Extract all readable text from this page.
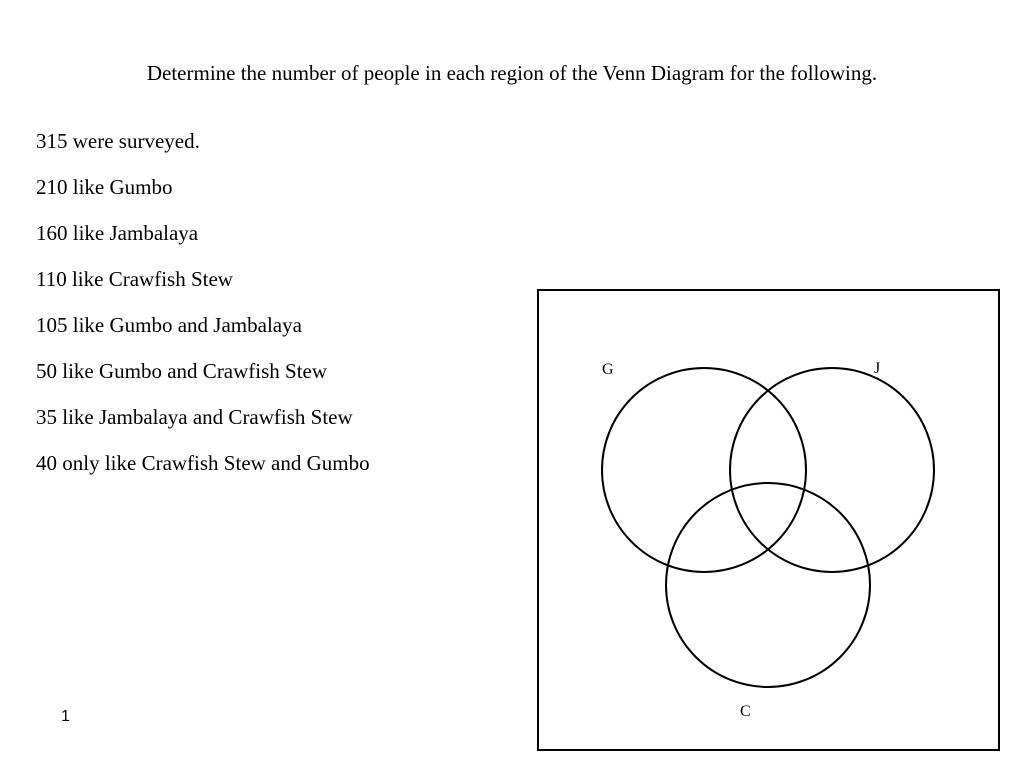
Determine the number of people in each region of the Venn Diagram for the following.
315 were surveyed.
210 like Gumbo
160 like Jambalaya
110 like Crawfish Stew
105 like Gumbo and Jambalaya
50 like Gumbo and Crawfish Stew
35 like Jambalaya and Crawfish Stew
40 only like Crawfish Stew and Gumbo
G	J
C
1
